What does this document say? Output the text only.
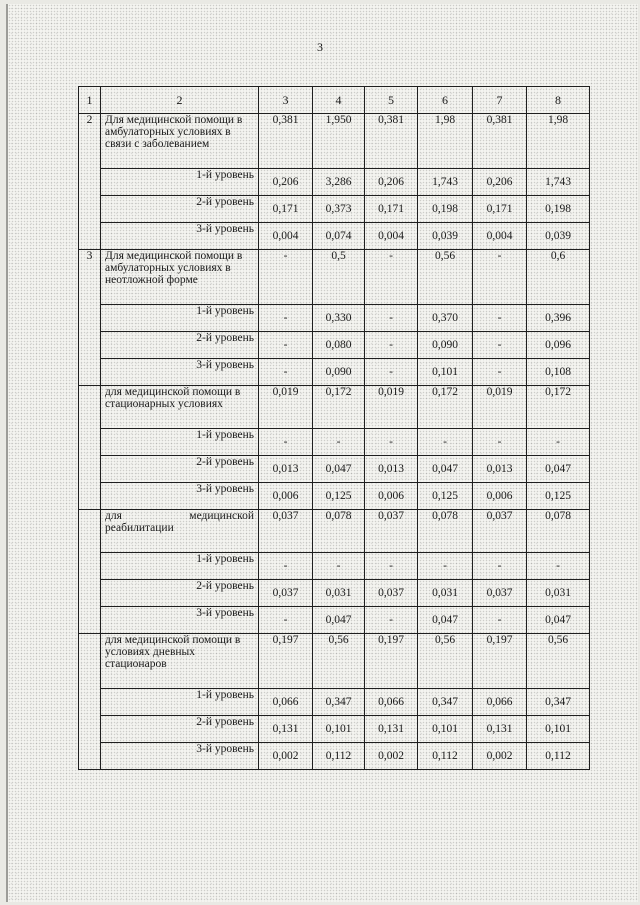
3
1	2	3	4	5	6	7	8
2	Для медицинской помощи в амбулаторных условиях в связи с заболеванием	0,381	1,950	0,381	1,98	0,381	1,98
	1-й уровень	0,206	3,286	0,206	1,743	0,206	1,743
	2-й уровень	0,171	0,373	0,171	0,198	0,171	0,198
	3-й уровень	0,004	0,074	0,004	0,039	0,004	0,039
3	Для медицинской помощи в амбулаторных условиях в неотложной форме	-	0,5	-	0,56	-	0,6
	1-й уровень	-	0,330	-	0,370	-	0,396
	2-й уровень	-	0,080	-	0,090	-	0,096
	3-й уровень	-	0,090	-	0,101	-	0,108
	для медицинской помощи в стационарных условиях	0,019	0,172	0,019	0,172	0,019	0,172
	1-й уровень	-	-	-	-	-	-
	2-й уровень	0,013	0,047	0,013	0,047	0,013	0,047
	3-й уровень	0,006	0,125	0,006	0,125	0,006	0,125
	для медицинской реабилитации	0,037	0,078	0,037	0,078	0,037	0,078
	1-й уровень	-	-	-	-	-	-
	2-й уровень	0,037	0,031	0,037	0,031	0,037	0,031
	3-й уровень	-	0,047	-	0,047	-	0,047
	для медицинской помощи в условиях дневных стационаров	0,197	0,56	0,197	0,56	0,197	0,56
	1-й уровень	0,066	0,347	0,066	0,347	0,066	0,347
	2-й уровень	0,131	0,101	0,131	0,101	0,131	0,101
	3-й уровень	0,002	0,112	0,002	0,112	0,002	0,112
